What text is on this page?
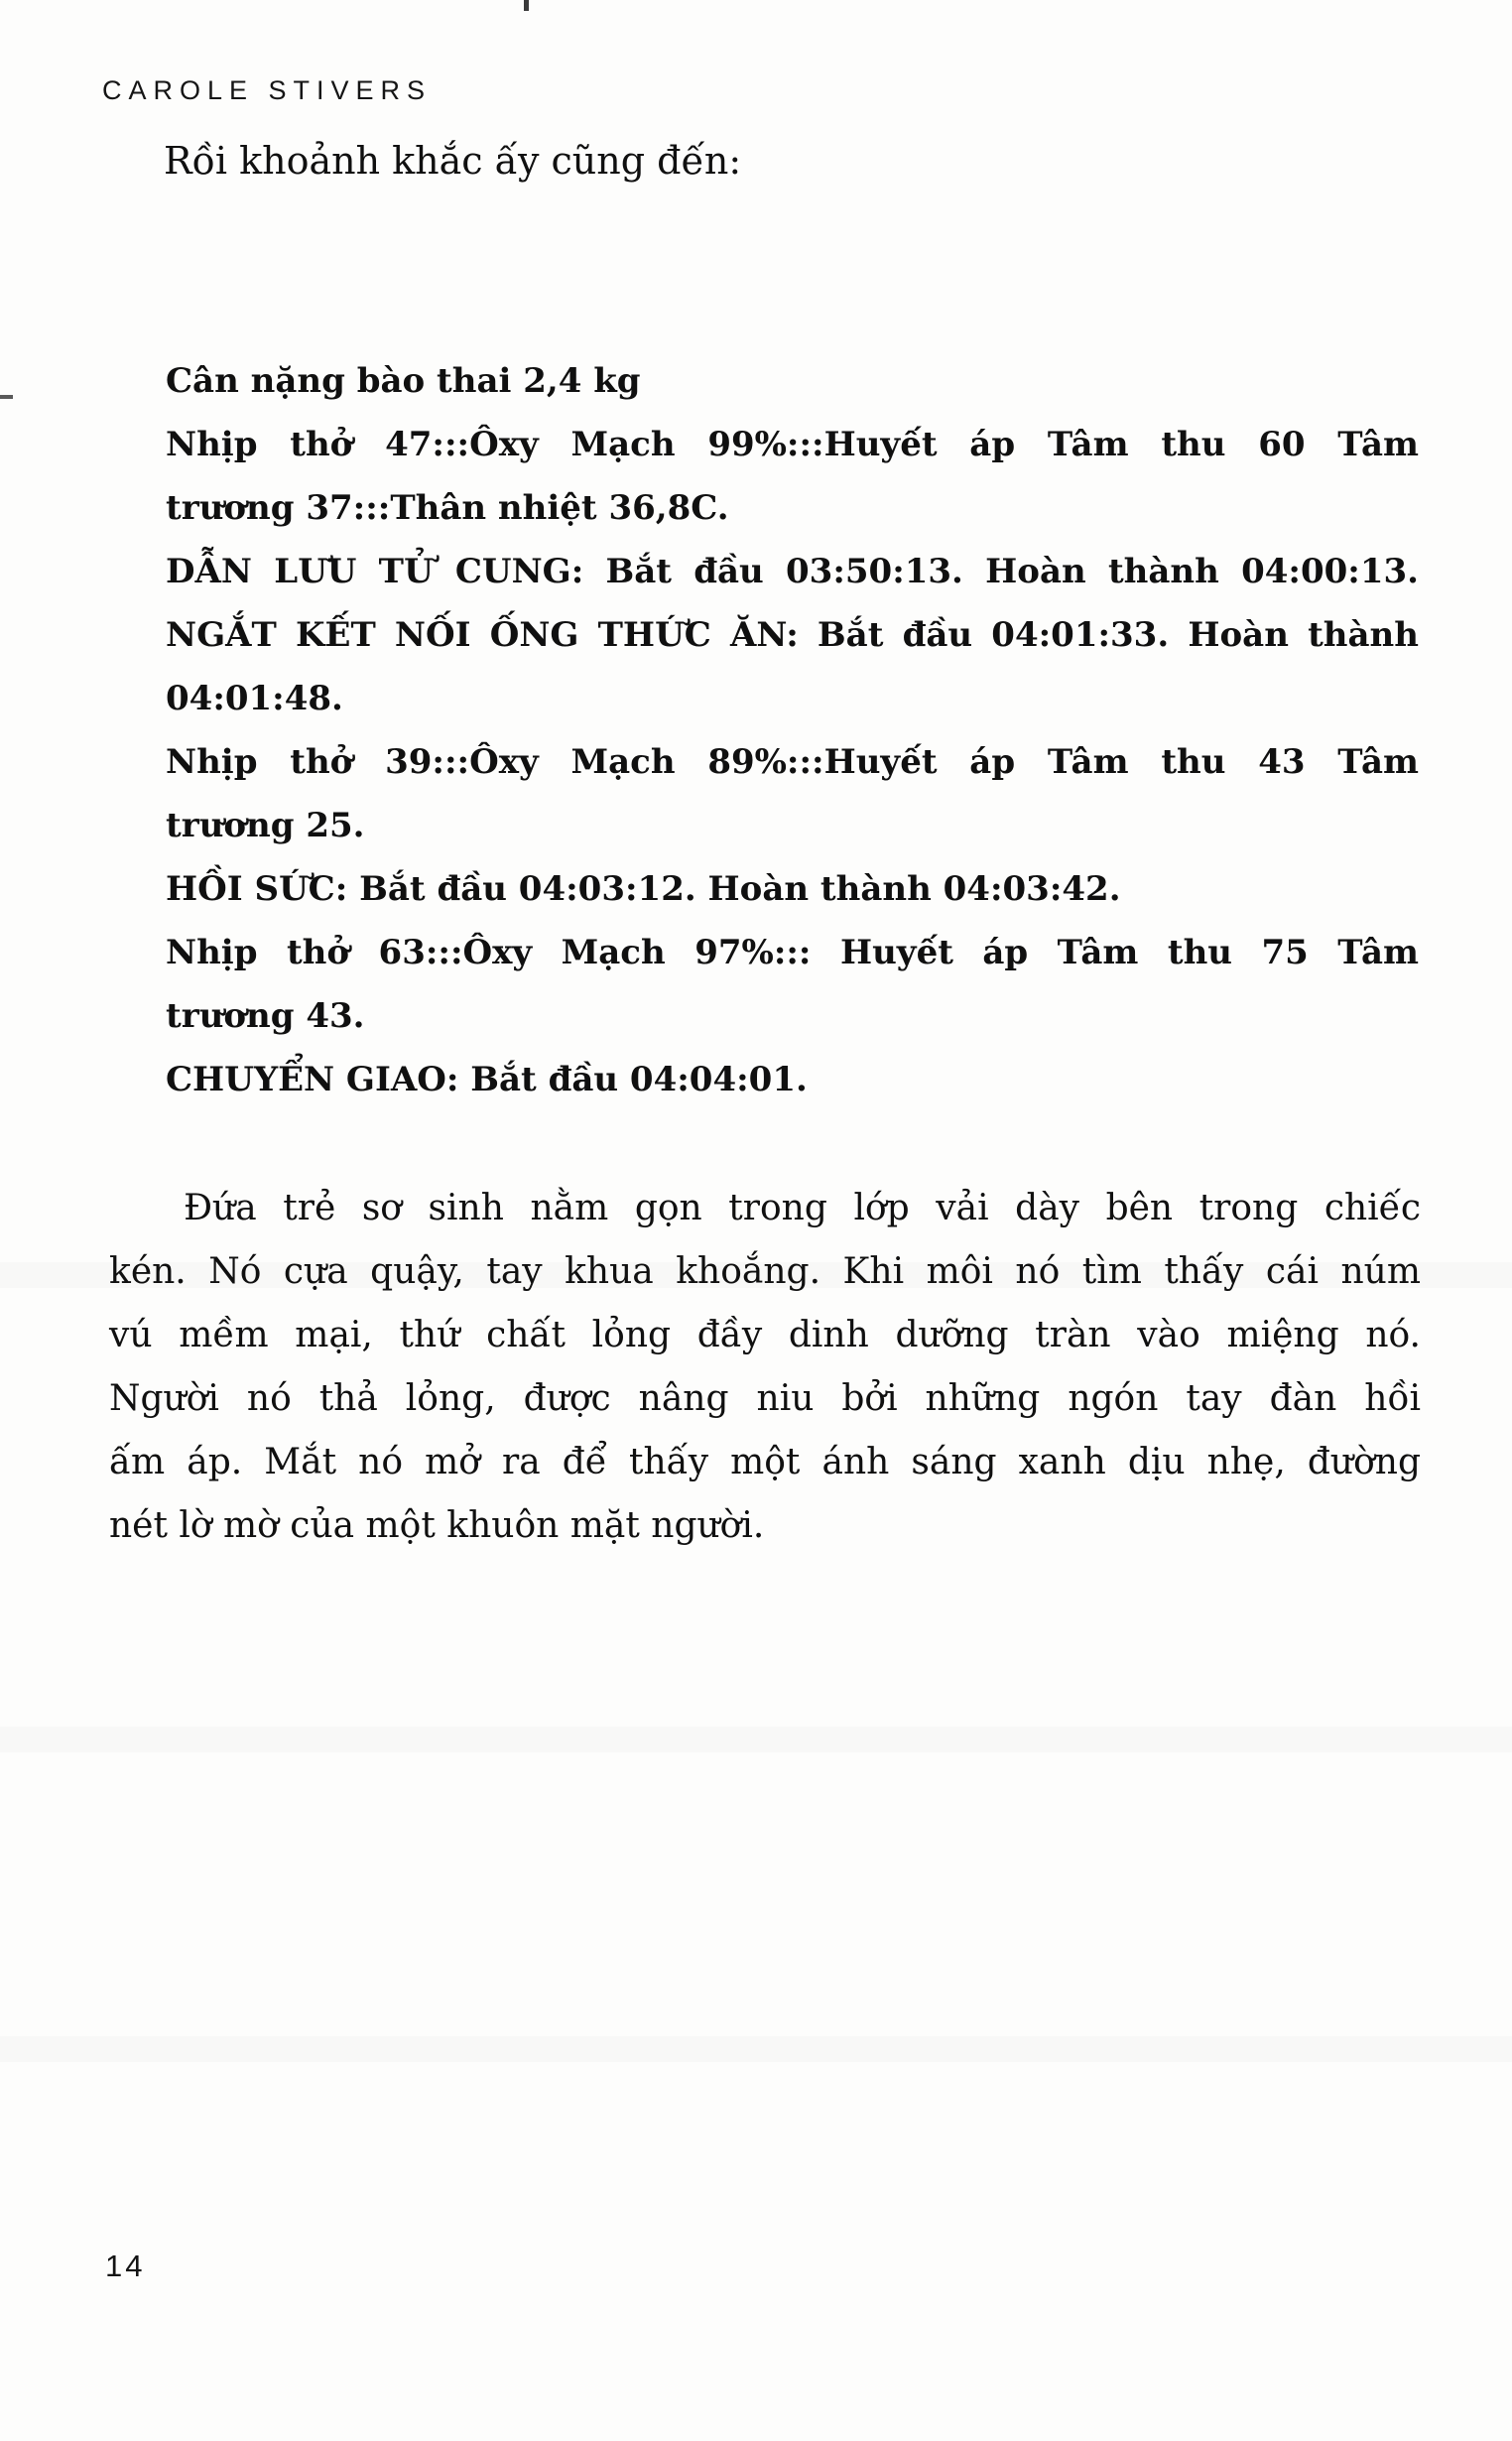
CAROLE STIVERS
Rồi khoảnh khắc ấy cũng đến:
Cân nặng bào thai 2,4 kg
Nhịp thở 47:::Ôxy Mạch 99%:::Huyết áp Tâm thu 60 Tâm
trương 37:::Thân nhiệt 36,8C.
DẪN LƯU TỬ CUNG: Bắt đầu 03:50:13. Hoàn thành 04:00:13.
NGẮT KẾT NỐI ỐNG THỨC ĂN: Bắt đầu 04:01:33. Hoàn thành
04:01:48.
Nhịp thở 39:::Ôxy Mạch 89%:::Huyết áp Tâm thu 43 Tâm
trương 25.
HỒI SỨC: Bắt đầu 04:03:12. Hoàn thành 04:03:42.
Nhịp thở 63:::Ôxy Mạch 97%::: Huyết áp Tâm thu 75 Tâm
trương 43.
CHUYỂN GIAO: Bắt đầu 04:04:01.
Đứa trẻ sơ sinh nằm gọn trong lớp vải dày bên trong chiếc
kén. Nó cựa quậy, tay khua khoắng. Khi môi nó tìm thấy cái núm
vú mềm mại, thứ chất lỏng đầy dinh dưỡng tràn vào miệng nó.
Người nó thả lỏng, được nâng niu bởi những ngón tay đàn hồi
ấm áp. Mắt nó mở ra để thấy một ánh sáng xanh dịu nhẹ, đường
nét lờ mờ của một khuôn mặt người.
14
